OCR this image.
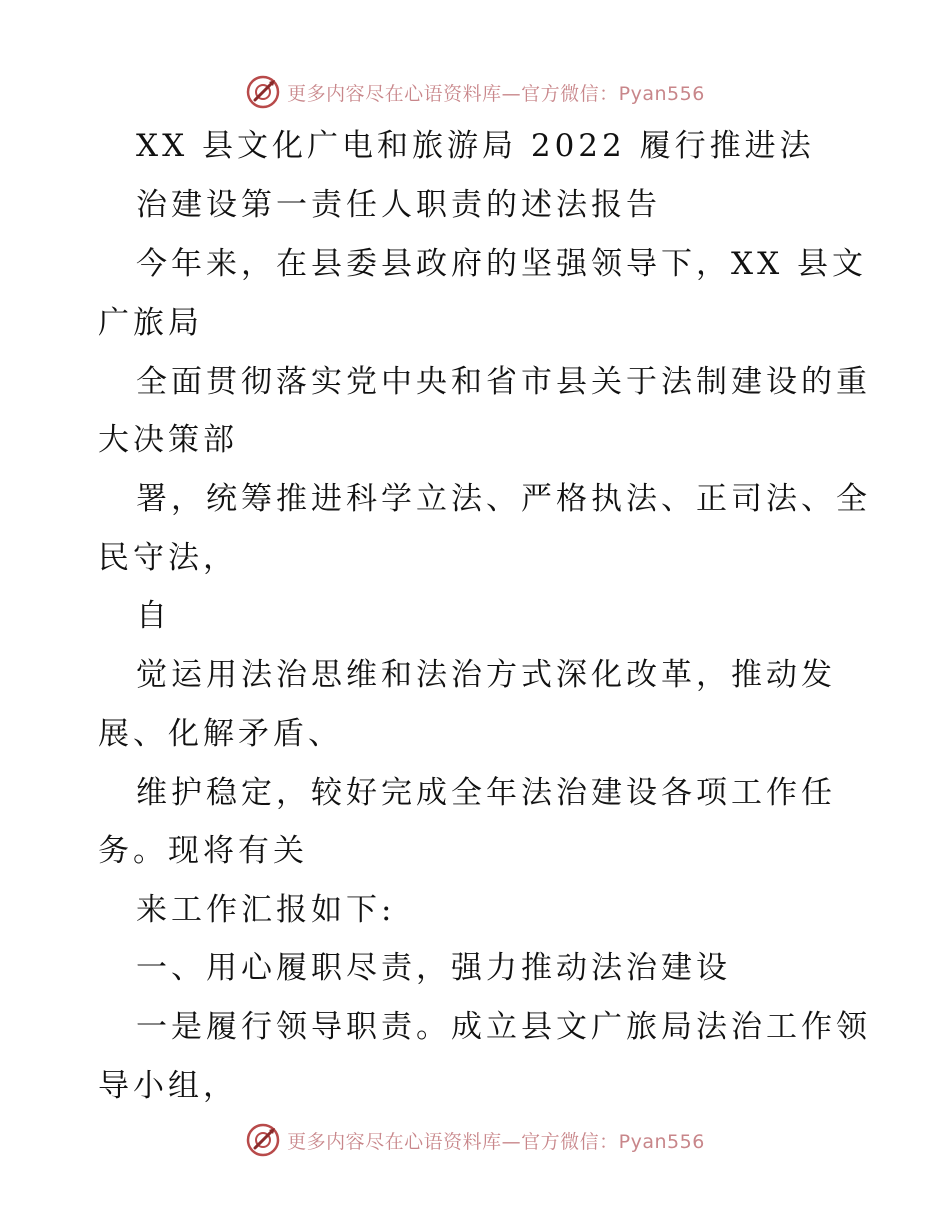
更多内容尽在心语资料库—官方微信：Pyan556
XX 县文化广电和旅游局 2022 履行推进法
治建设第一责任人职责的述法报告
今年来，在县委县政府的坚强领导下，XX 县文
广旅局
全面贯彻落实党中央和省市县关于法制建设的重
大决策部
署，统筹推进科学立法、严格执法、正司法、全
民守法，
自
觉运用法治思维和法治方式深化改革，推动发
展、化解矛盾、
维护稳定，较好完成全年法治建设各项工作任
务。现将有关
来工作汇报如下:
一、用心履职尽责，强力推动法治建设
一是履行领导职责。成立县文广旅局法治工作领
导小组，
更多内容尽在心语资料库—官方微信：Pyan556
